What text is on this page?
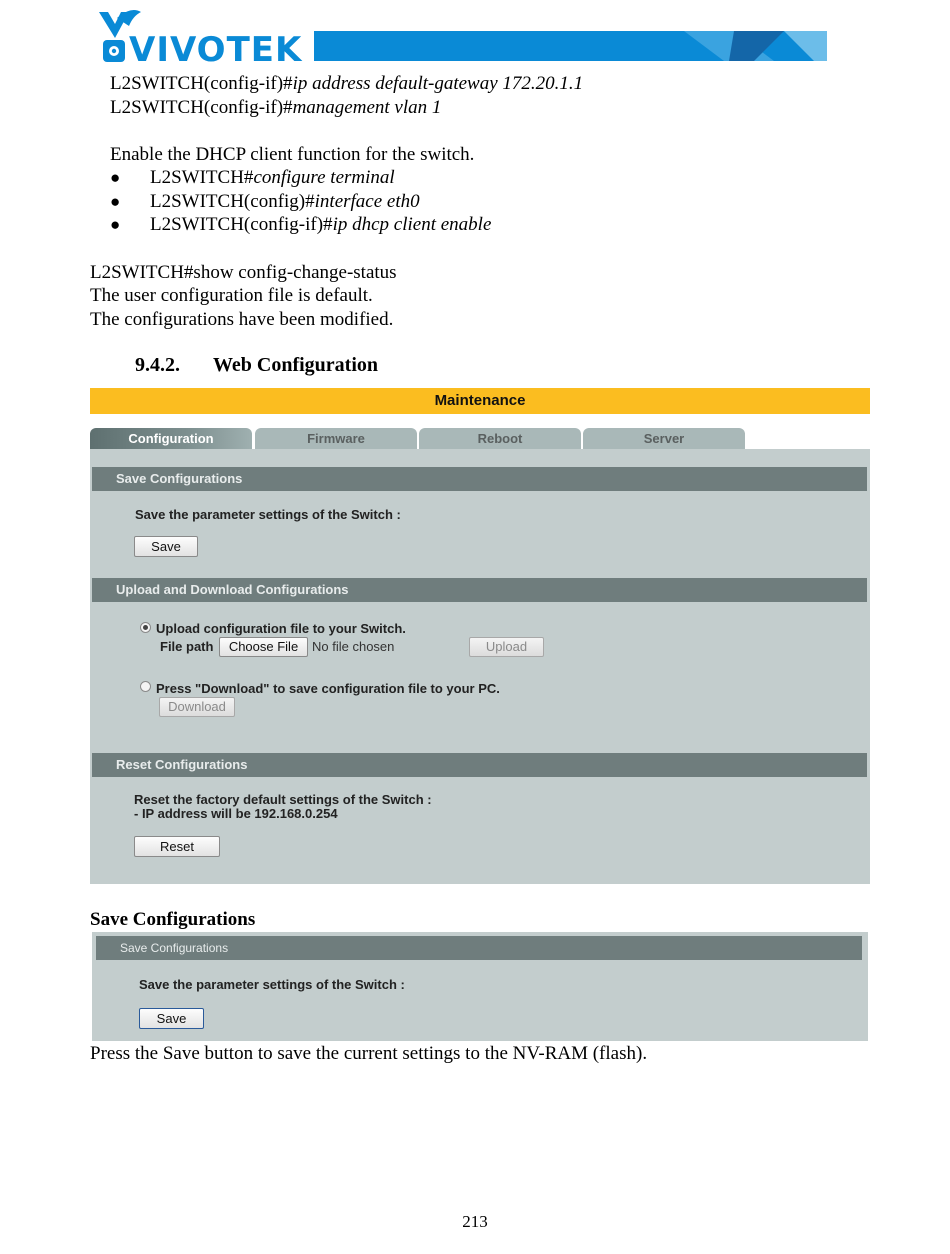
VIVOTEK
L2SWITCH(config-if)#ip address default-gateway 172.20.1.1
L2SWITCH(config-if)#management vlan 1
Enable the DHCP client function for the switch.
● L2SWITCH#configure terminal
● L2SWITCH(config)#interface eth0
● L2SWITCH(config-if)#ip dhcp client enable
L2SWITCH#show config-change-status
The user configuration file is default.
The configurations have been modified.
9.4.2. Web Configuration
Maintenance
Configuration	Firmware	Reboot	Server
Save Configurations
Save the parameter settings of the Switch :
Save
Upload and Download Configurations
Upload configuration file to your Switch.
File path	Choose File	No file chosen	Upload
Press "Download" to save configuration file to your PC.
Download
Reset Configurations
Reset the factory default settings of the Switch :
- IP address will be 192.168.0.254
Reset
Save Configurations
Save Configurations
Save the parameter settings of the Switch :
Save
Press the Save button to save the current settings to the NV-RAM (flash).
213
